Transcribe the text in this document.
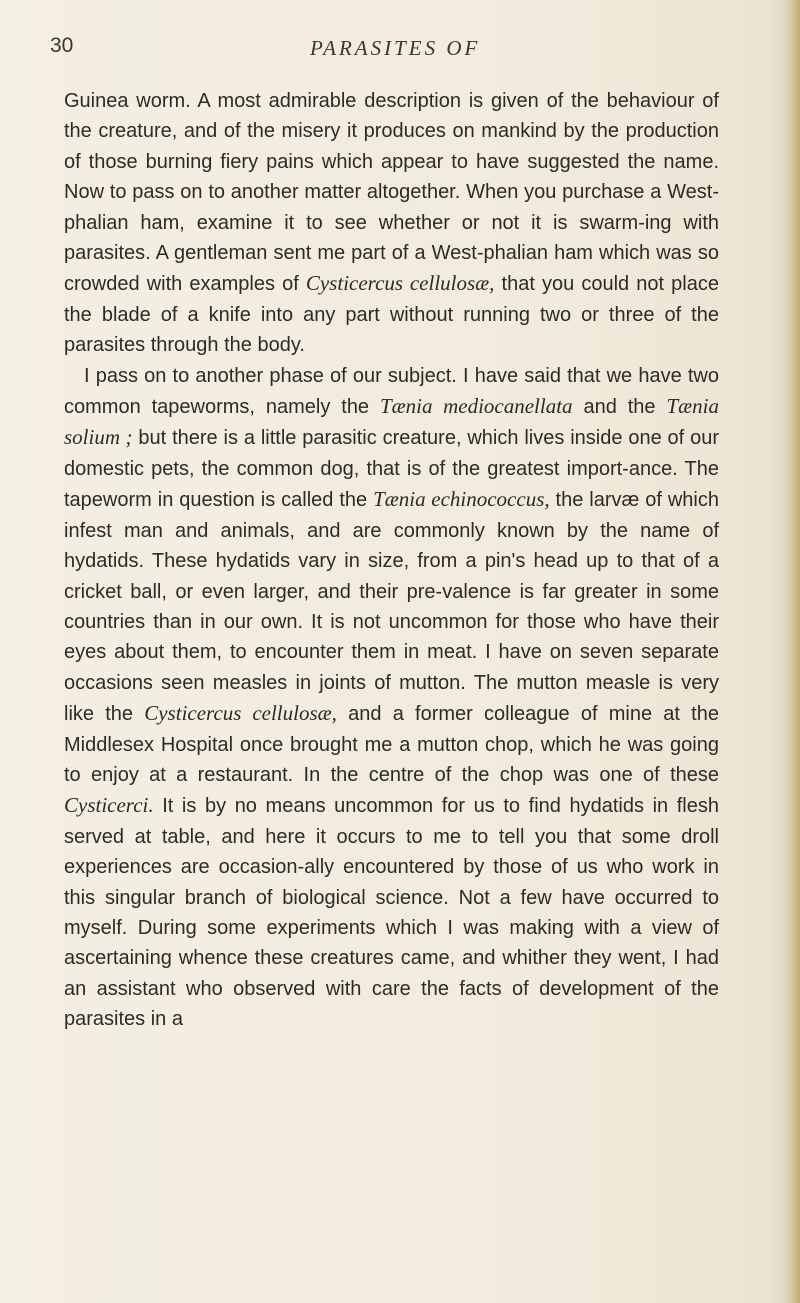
30	PARASITES OF

Guinea worm. A most admirable description is given of the behaviour of the creature, and of the misery it produces on mankind by the production of those burning fiery pains which appear to have suggested the name. Now to pass on to another matter altogether. When you purchase a West-phalian ham, examine it to see whether or not it is swarm-ing with parasites. A gentleman sent me part of a West-phalian ham which was so crowded with examples of Cysticercus cellulosæ, that you could not place the blade of a knife into any part without running two or three of the parasites through the body.

 I pass on to another phase of our subject. I have said that we have two common tapeworms, namely the Tænia mediocanellata and the Tænia solium ; but there is a little parasitic creature, which lives inside one of our domestic pets, the common dog, that is of the greatest import-ance. The tapeworm in question is called the Tænia echinococcus, the larvæ of which infest man and animals, and are commonly known by the name of hydatids. These hydatids vary in size, from a pin's head up to that of a cricket ball, or even larger, and their pre-valence is far greater in some countries than in our own. It is not uncommon for those who have their eyes about them, to encounter them in meat. I have on seven separate occasions seen measles in joints of mutton. The mutton measle is very like the Cysticercus cellulosæ, and a former colleague of mine at the Middlesex Hospital once brought me a mutton chop, which he was going to enjoy at a restaurant. In the centre of the chop was one of these Cysticerci. It is by no means uncommon for us to find hydatids in flesh served at table, and here it occurs to me to tell you that some droll experiences are occasion-ally encountered by those of us who work in this singular branch of biological science. Not a few have occurred to myself. During some experiments which I was making with a view of ascertaining whence these creatures came, and whither they went, I had an assistant who observed with care the facts of development of the parasites in a
